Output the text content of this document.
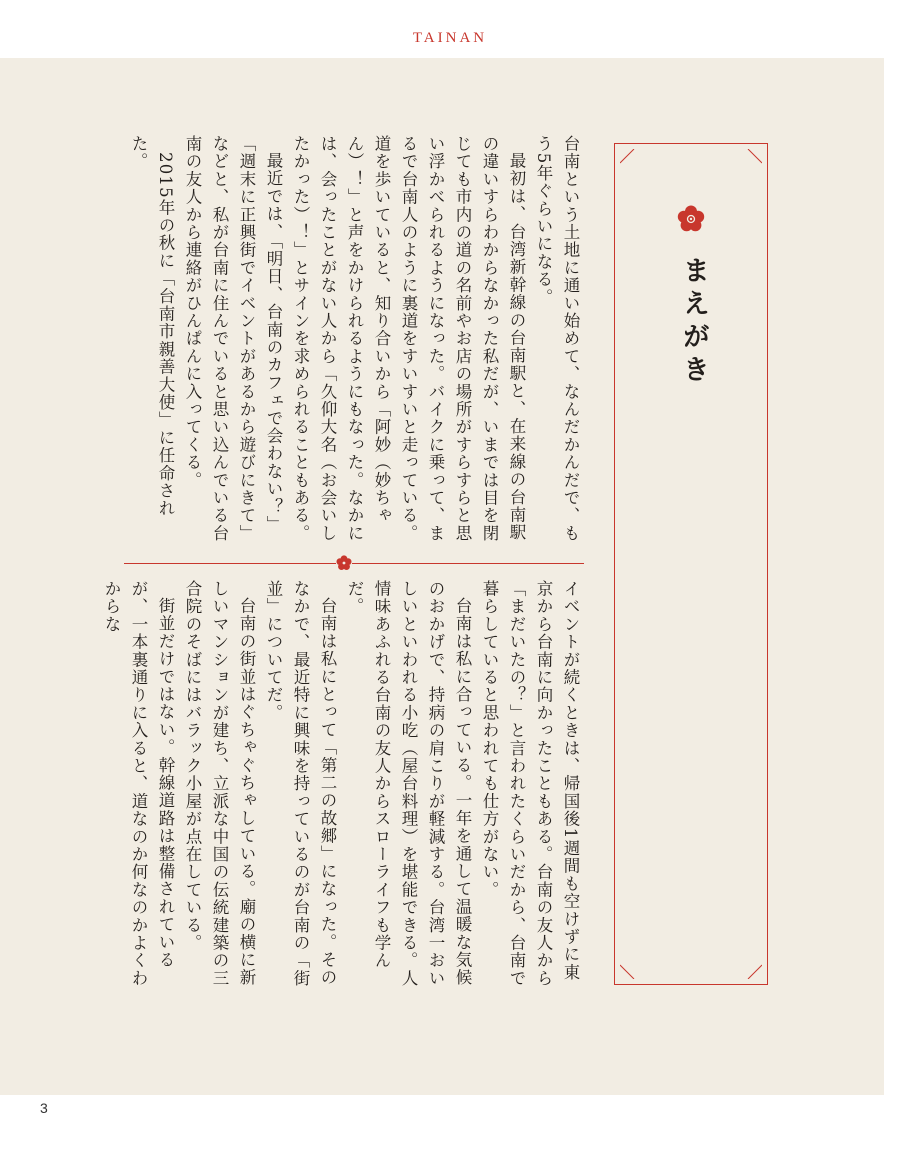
TAINAN
まえがき

台南という土地に通い始めて、なんだかんだで、もう5年ぐらいになる。

最初は、台湾新幹線の台南駅と、在来線の台南駅の違いすらわからなかった私だが、いまでは目を閉じても市内の道の名前やお店の場所がすらすらと思い浮かべられるようになった。バイクに乗って、まるで台南人のように裏道をすいすいと走っている。道を歩いていると、知り合いから「阿妙（妙ちゃん）！」と声をかけられるようにもなった。なかには、会ったことがない人から「久仰大名（お会いしたかった）！」とサインを求められることもある。

最近では、「明日、台南のカフェで会わない？」「週末に正興街でイベントがあるから遊びにきて」などと、私が台南に住んでいると思い込んでいる台南の友人から連絡がひんぱんに入ってくる。

2015年の秋に「台南市親善大使」に任命された。

イベントが続くときは、帰国後1週間も空けずに東京から台南に向かったこともある。台南の友人から「まだいたの？」と言われたくらいだから、台南で暮らしていると思われても仕方がない。

台南は私に合っている。一年を通して温暖な気候のおかげで、持病の肩こりが軽減する。台湾一おいしいといわれる小吃（屋台料理）を堪能できる。人情味あふれる台南の友人からスローライフも学んだ。

台南は私にとって「第二の故郷」になった。そのなかで、最近特に興味を持っているのが台南の「街並」についてだ。

台南の街並はぐちゃぐちゃしている。廟の横に新しいマンションが建ち、立派な中国の伝統建築の三合院のそばにはバラック小屋が点在している。

街並だけではない。幹線道路は整備されているが、一本裏通りに入ると、道なのか何なのかよくわからな

3
